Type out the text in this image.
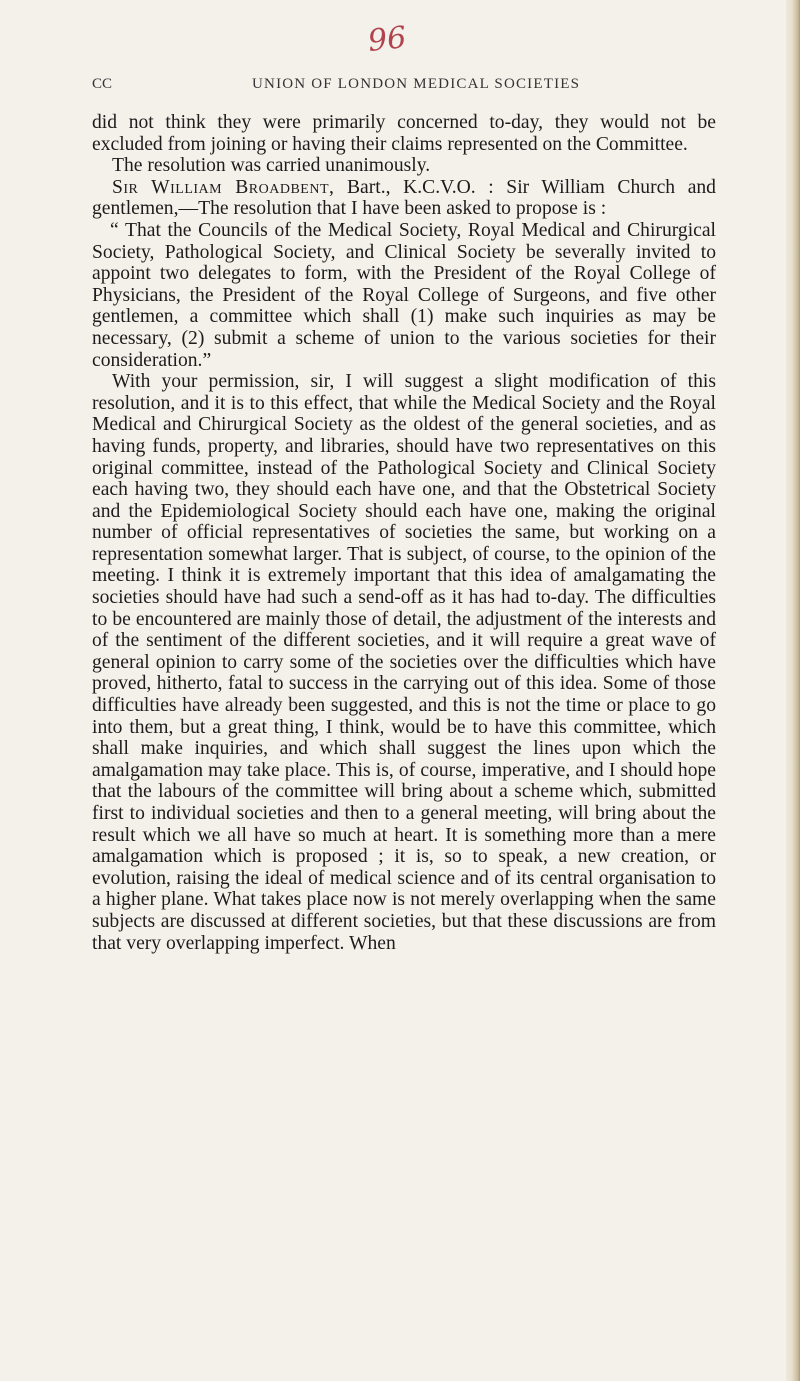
96
CC	UNION OF LONDON MEDICAL SOCIETIES

did not think they were primarily concerned to-day, they would not be excluded from joining or having their claims represented on the Committee.

The resolution was carried unanimously.

Sir William Broadbent, Bart., K.C.V.O. : Sir William Church and gentlemen,—The resolution that I have been asked to propose is :

“ That the Councils of the Medical Society, Royal Medical and Chirurgical Society, Pathological Society, and Clinical Society be severally invited to appoint two delegates to form, with the President of the Royal College of Physicians, the President of the Royal College of Surgeons, and five other gentlemen, a committee which shall (1) make such inquiries as may be necessary, (2) submit a scheme of union to the various societies for their consideration.”

With your permission, sir, I will suggest a slight modification of this resolution, and it is to this effect, that while the Medical Society and the Royal Medical and Chirurgical Society as the oldest of the general societies, and as having funds, property, and libraries, should have two representatives on this original committee, instead of the Pathological Society and Clinical Society each having two, they should each have one, and that the Obstetrical Society and the Epidemiological Society should each have one, making the original number of official representatives of societies the same, but working on a representation somewhat larger. That is subject, of course, to the opinion of the meeting. I think it is extremely important that this idea of amalgamating the societies should have had such a send-off as it has had to-day. The difficulties to be encountered are mainly those of detail, the adjustment of the interests and of the sentiment of the different societies, and it will require a great wave of general opinion to carry some of the societies over the difficulties which have proved, hitherto, fatal to success in the carrying out of this idea. Some of those difficulties have already been suggested, and this is not the time or place to go into them, but a great thing, I think, would be to have this committee, which shall make inquiries, and which shall suggest the lines upon which the amalgamation may take place. This is, of course, imperative, and I should hope that the labours of the committee will bring about a scheme which, submitted first to individual societies and then to a general meeting, will bring about the result which we all have so much at heart. It is something more than a mere amalgamation which is proposed ; it is, so to speak, a new creation, or evolution, raising the ideal of medical science and of its central organisation to a higher plane. What takes place now is not merely overlapping when the same subjects are discussed at different societies, but that these discussions are from that very overlapping imperfect. When
